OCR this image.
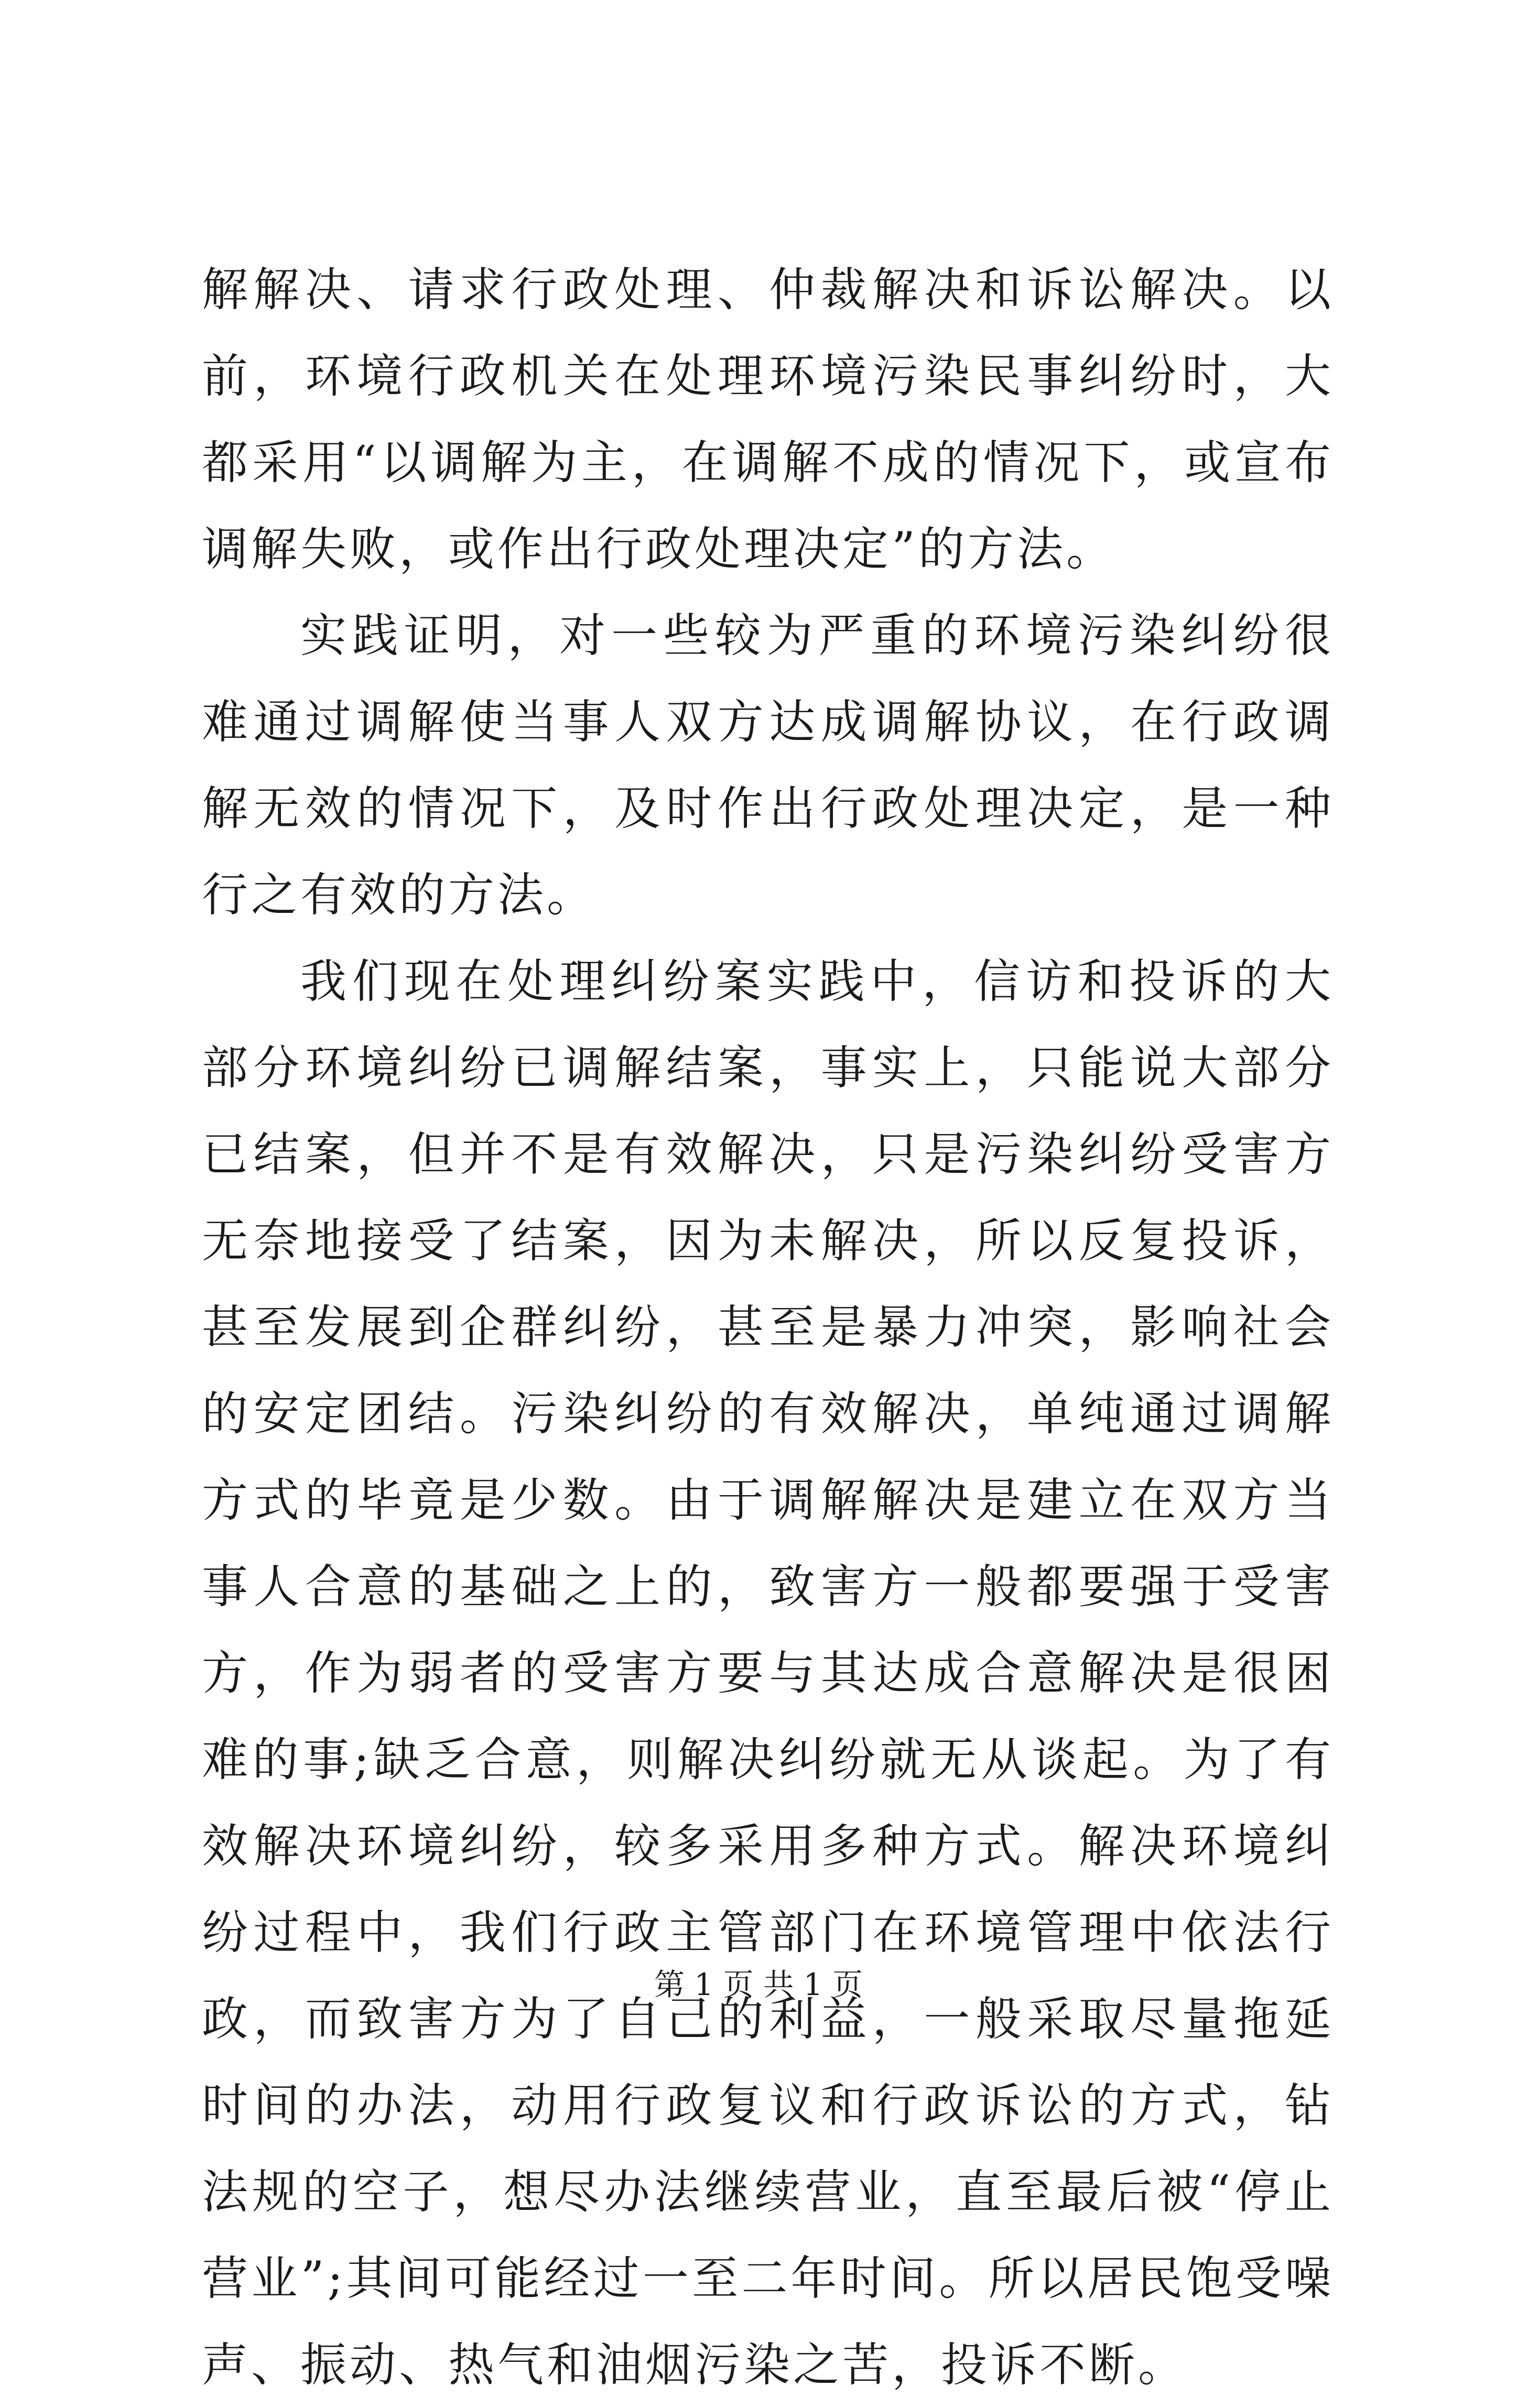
解解决、请求行政处理、仲裁解决和诉讼解决。以前，环境行政机关在处理环境污染民事纠纷时，大都采用“以调解为主，在调解不成的情况下，或宣布调解失败，或作出行政处理决定”的方法。

实践证明，对一些较为严重的环境污染纠纷很难通过调解使当事人双方达成调解协议，在行政调解无效的情况下，及时作出行政处理决定，是一种行之有效的方法。

我们现在处理纠纷案实践中，信访和投诉的大部分环境纠纷已调解结案，事实上，只能说大部分已结案，但并不是有效解决，只是污染纠纷受害方无奈地接受了结案，因为未解决，所以反复投诉，甚至发展到企群纠纷，甚至是暴力冲突，影响社会的安定团结。污染纠纷的有效解决，单纯通过调解方式的毕竟是少数。由于调解解决是建立在双方当事人合意的基础之上的，致害方一般都要强于受害方，作为弱者的受害方要与其达成合意解决是很困难的事;缺乏合意，则解决纠纷就无从谈起。为了有效解决环境纠纷，较多采用多种方式。解决环境纠纷过程中，我们行政主管部门在环境管理中依法行政，而致害方为了自己的利益，一般采取尽量拖延时间的办法，动用行政复议和行政诉讼的方式，钻法规的空子，想尽办法继续营业，直至最后被“停止营业”;其间可能经过一至二年时间。所以居民饱受噪声、振动、热气和油烟污染之苦，投诉不断。

第 1 页 共 1 页
